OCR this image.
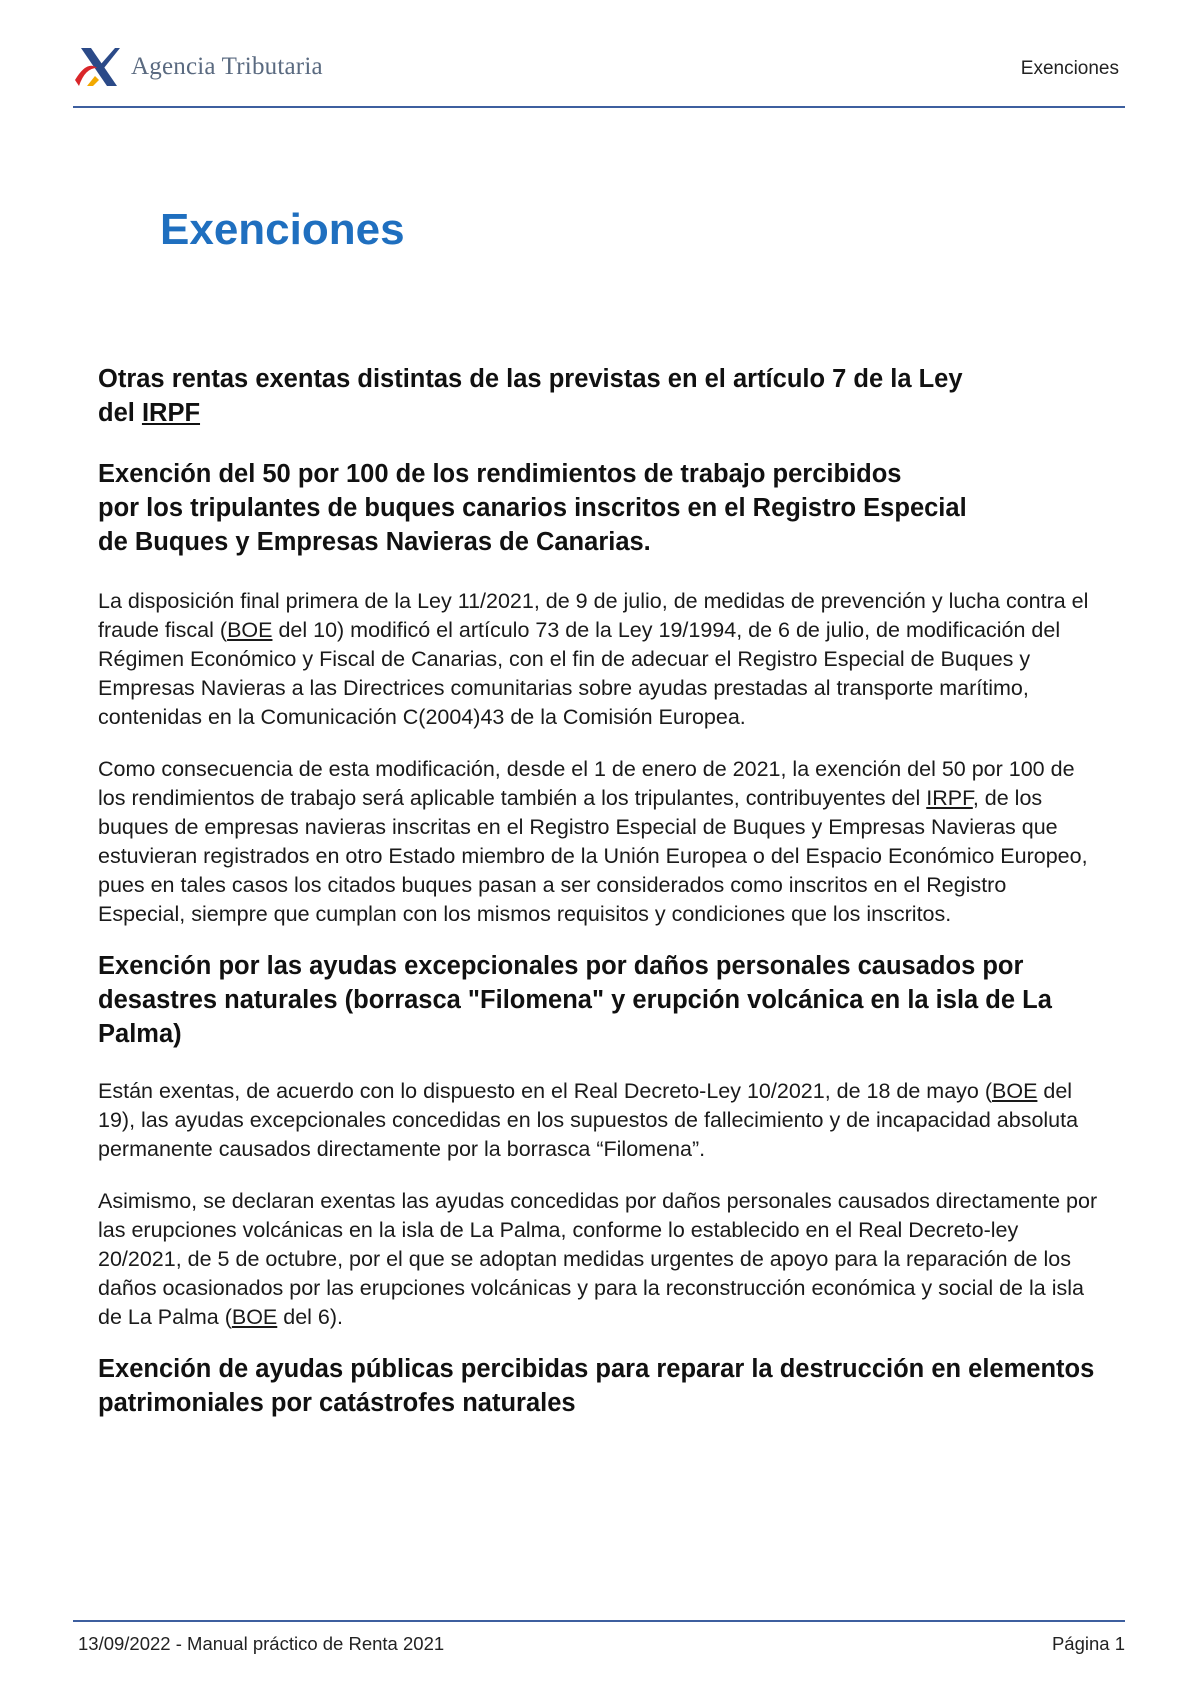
Agencia Tributaria	Exenciones
Exenciones
Otras rentas exentas distintas de las previstas en el artículo 7 de la Ley
del IRPF
Exención del 50 por 100 de los rendimientos de trabajo percibidos
por los tripulantes de buques canarios inscritos en el Registro Especial
de Buques y Empresas Navieras de Canarias.

La disposición final primera de la Ley 11/2021, de 9 de julio, de medidas de prevención y lucha contra el fraude fiscal (BOE del 10) modificó el artículo 73 de la Ley 19/1994, de 6 de julio, de modificación del Régimen Económico y Fiscal de Canarias, con el fin de adecuar el Registro Especial de Buques y Empresas Navieras a las Directrices comunitarias sobre ayudas prestadas al transporte marítimo, contenidas en la Comunicación C(2004)43 de la Comisión Europea.

Como consecuencia de esta modificación, desde el 1 de enero de 2021, la exención del 50 por 100 de los rendimientos de trabajo será aplicable también a los tripulantes, contribuyentes del IRPF, de los buques de empresas navieras inscritas en el Registro Especial de Buques y Empresas Navieras que estuvieran registrados en otro Estado miembro de la Unión Europea o del Espacio Económico Europeo, pues en tales casos los citados buques pasan a ser considerados como inscritos en el Registro Especial, siempre que cumplan con los mismos requisitos y condiciones que los inscritos.

Exención por las ayudas excepcionales por daños personales causados por desastres naturales (borrasca "Filomena" y erupción volcánica en la isla de La Palma)

Están exentas, de acuerdo con lo dispuesto en el Real Decreto-Ley 10/2021, de 18 de mayo (BOE del 19), las ayudas excepcionales concedidas en los supuestos de fallecimiento y de incapacidad absoluta permanente causados directamente por la borrasca “Filomena”.

Asimismo, se declaran exentas las ayudas concedidas por daños personales causados directamente por las erupciones volcánicas en la isla de La Palma, conforme lo establecido en el Real Decreto-ley 20/2021, de 5 de octubre, por el que se adoptan medidas urgentes de apoyo para la reparación de los daños ocasionados por las erupciones volcánicas y para la reconstrucción económica y social de la isla de La Palma (BOE del 6).

Exención de ayudas públicas percibidas para reparar la destrucción en elementos patrimoniales por catástrofes naturales
13/09/2022 - Manual práctico de Renta 2021	Página 1
